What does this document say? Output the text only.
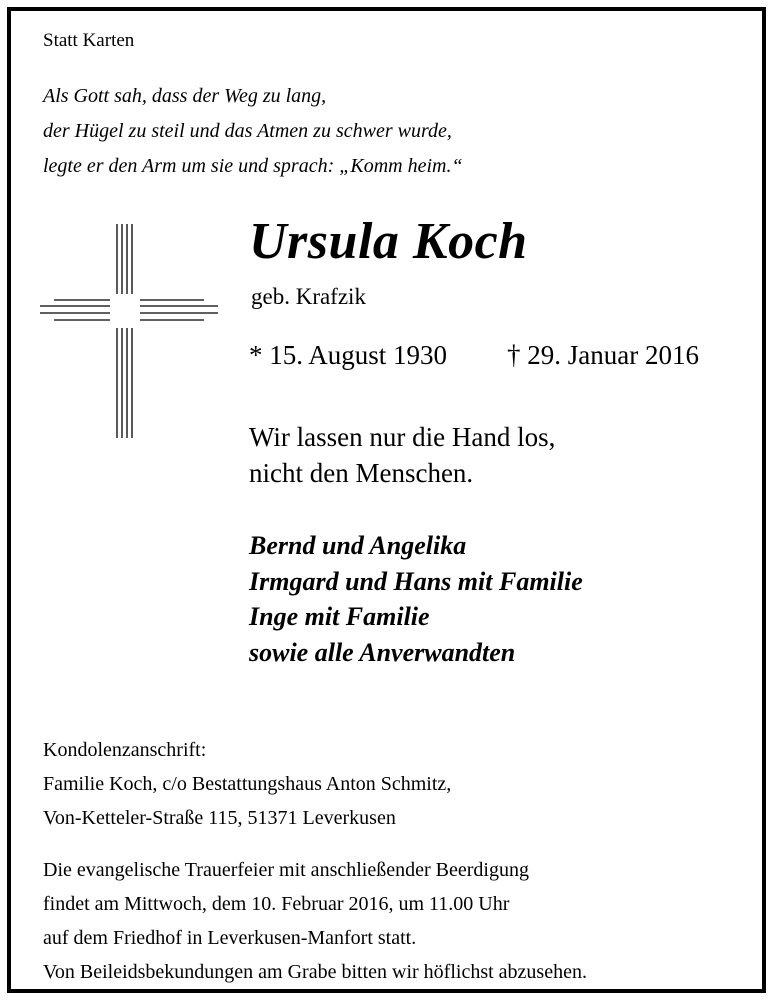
Statt Karten
Als Gott sah, dass der Weg zu lang,
der Hügel zu steil und das Atmen zu schwer wurde,
legte er den Arm um sie und sprach: „Komm heim.“
Ursula Koch
geb. Krafzik
* 15. August 1930 † 29. Januar 2016
Wir lassen nur die Hand los,
nicht den Menschen.
Bernd und Angelika
Irmgard und Hans mit Familie
Inge mit Familie
sowie alle Anverwandten
Kondolenzanschrift:
Familie Koch, c/o Bestattungshaus Anton Schmitz,
Von-Ketteler-Straße 115, 51371 Leverkusen
Die evangelische Trauerfeier mit anschließender Beerdigung
findet am Mittwoch, dem 10. Februar 2016, um 11.00 Uhr
auf dem Friedhof in Leverkusen-Manfort statt.
Von Beileidsbekundungen am Grabe bitten wir höflichst abzusehen.
